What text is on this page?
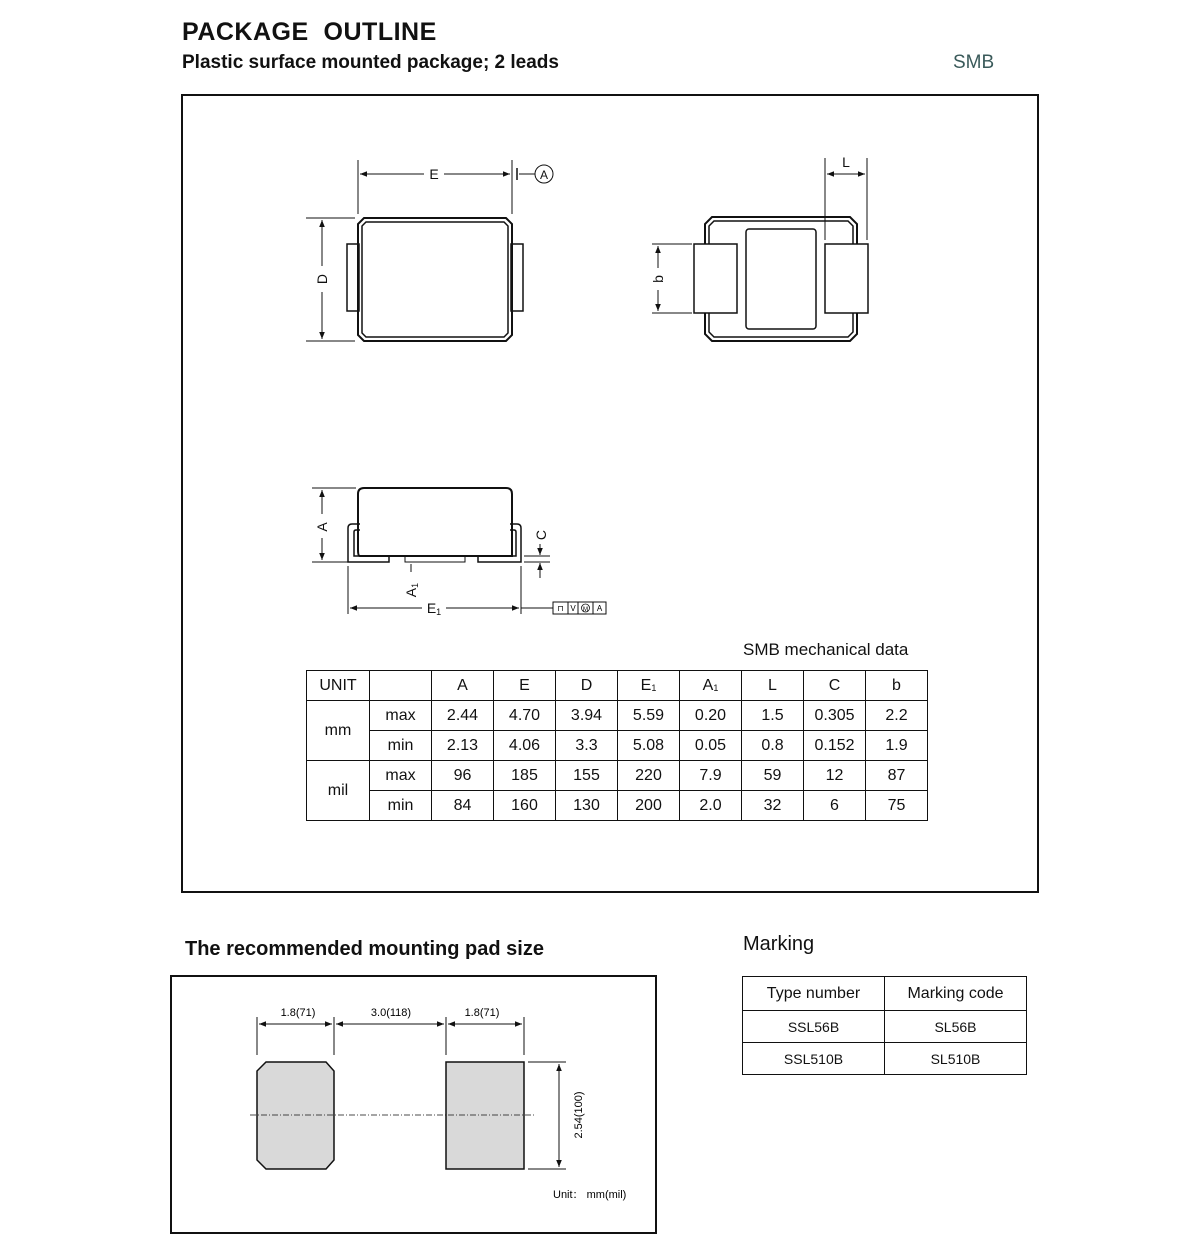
PACKAGE  OUTLINE
Plastic surface mounted package; 2 leads	SMB
E	A
D
L
b
A
C
A1
E1	⊓ V M A
1.8(71)	3.0(118)	1.8(71)
2.54(100)
Unit： mm(mil)
SMB mechanical data
UNIT		A	E	D	E1	A1	L	C	b
mm	max	2.44	4.70	3.94	5.59	0.20	1.5	0.305	2.2
	min	2.13	4.06	3.3	5.08	0.05	0.8	0.152	1.9
mil	max	96	185	155	220	7.9	59	12	87
	min	84	160	130	200	2.0	32	6	75
The recommended mounting pad size	Marking
Type number	Marking code
SSL56B	SL56B
SSL510B	SL510B
